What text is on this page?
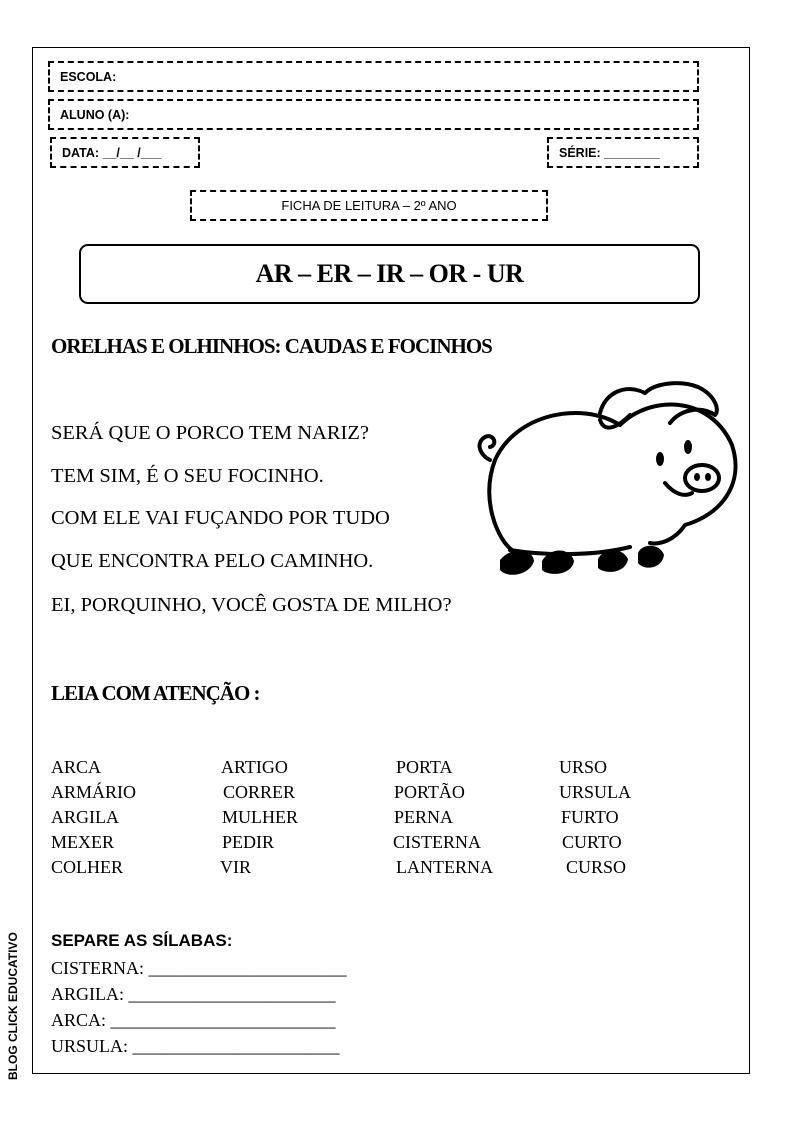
ESCOLA:
ALUNO (A):
DATA: __/__ /___	SÉRIE: ________
FICHA DE LEITURA – 2º ANO
AR – ER – IR – OR - UR
ORELHAS E OLHINHOS: CAUDAS E FOCINHOS
SERÁ QUE O PORCO TEM NARIZ?
TEM SIM, É O SEU FOCINHO.
COM ELE VAI FUÇANDO POR TUDO
QUE ENCONTRA PELO CAMINHO.
EI, PORQUINHO, VOCÊ GOSTA DE MILHO?
LEIA COM ATENÇÃO :
ARCA
ARMÁRIO
ARGILA
MEXER
COLHER
ARTIGO
CORRER
MULHER
PEDIR
VIR
PORTA
PORTÃO
PERNA
CISTERNA
LANTERNA
URSO
URSULA
FURTO
CURTO
CURSO
SEPARE AS SÍLABAS:
CISTERNA: ______________________
ARGILA: _______________________
ARCA: _________________________
URSULA: _______________________
BLOG CLICK EDUCATIVO
